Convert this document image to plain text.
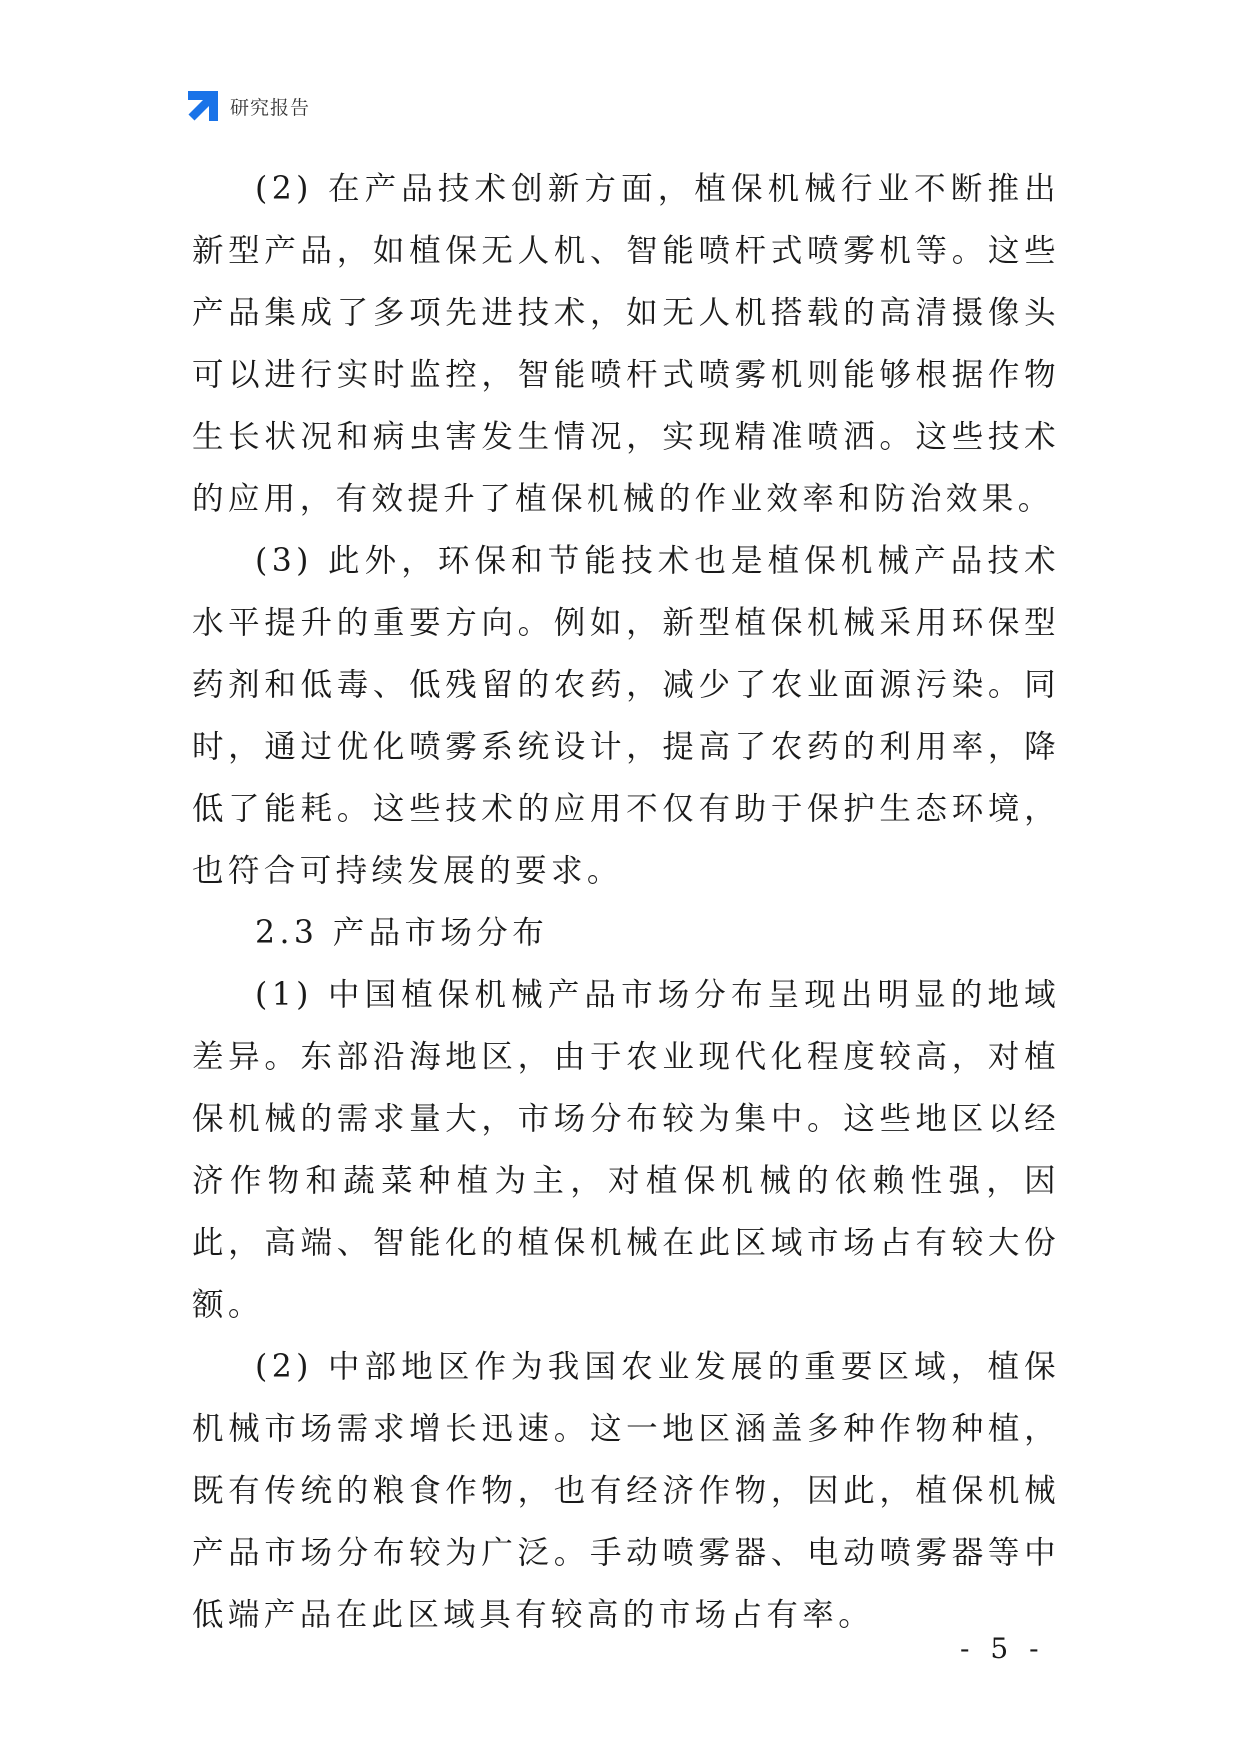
研究报告

(2) 在产品技术创新方面，植保机械行业不断推出新型产品，如植保无人机、智能喷杆式喷雾机等。这些产品集成了多项先进技术，如无人机搭载的高清摄像头可以进行实时监控，智能喷杆式喷雾机则能够根据作物生长状况和病虫害发生情况，实现精准喷洒。这些技术的应用，有效提升了植保机械的作业效率和防治效果。

(3) 此外，环保和节能技术也是植保机械产品技术水平提升的重要方向。例如，新型植保机械采用环保型药剂和低毒、低残留的农药，减少了农业面源污染。同时，通过优化喷雾系统设计，提高了农药的利用率，降低了能耗。这些技术的应用不仅有助于保护生态环境，也符合可持续发展的要求。

2.3 产品市场分布

(1) 中国植保机械产品市场分布呈现出明显的地域差异。东部沿海地区，由于农业现代化程度较高，对植保机械的需求量大，市场分布较为集中。这些地区以经济作物和蔬菜种植为主，对植保机械的依赖性强，因此，高端、智能化的植保机械在此区域市场占有较大份额。

(2) 中部地区作为我国农业发展的重要区域，植保机械市场需求增长迅速。这一地区涵盖多种作物种植，既有传统的粮食作物，也有经济作物，因此，植保机械产品市场分布较为广泛。手动喷雾器、电动喷雾器等中低端产品在此区域具有较高的市场占有率。

- 5 -
